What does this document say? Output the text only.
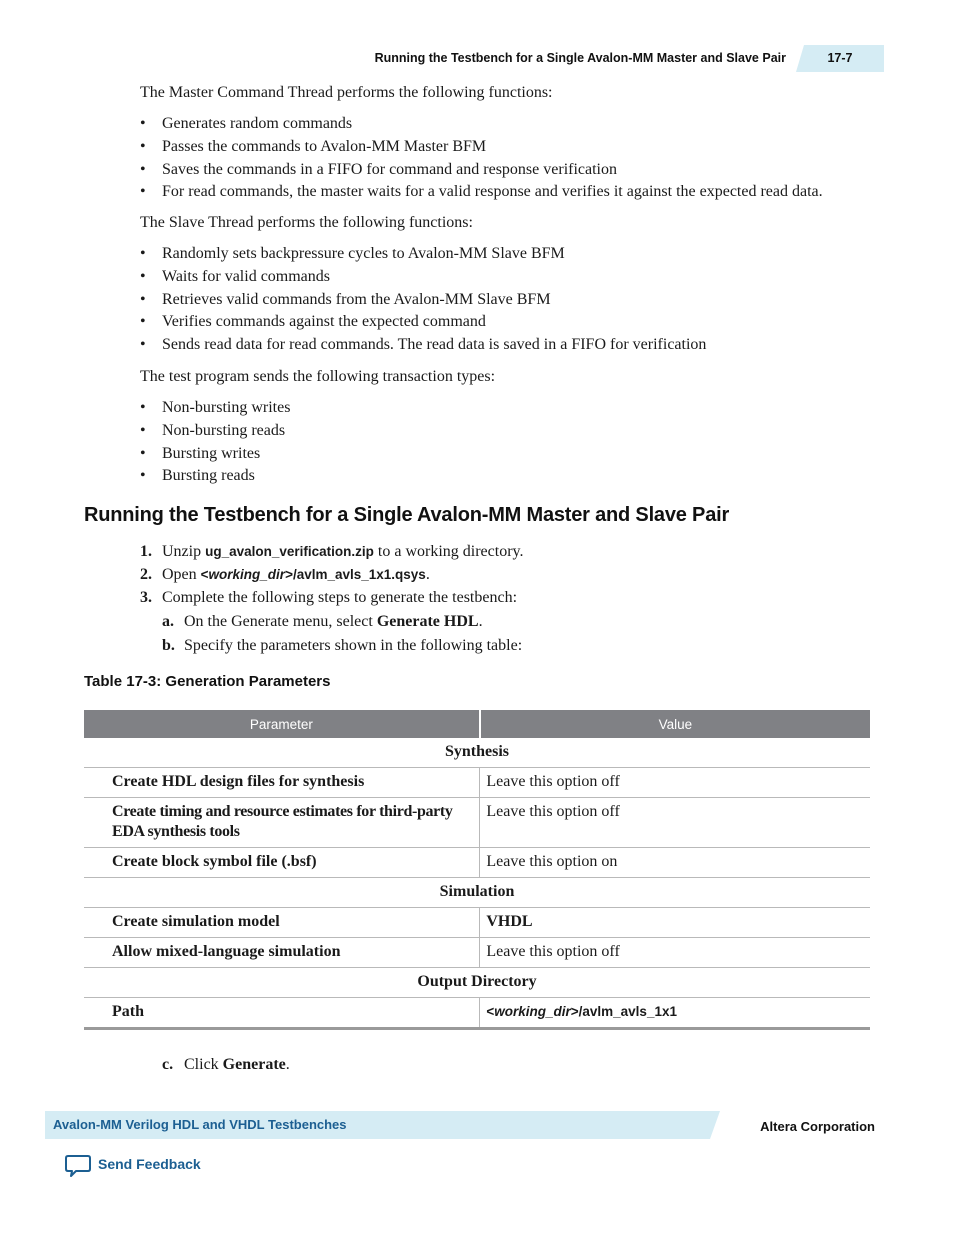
Running the Testbench for a Single Avalon-MM Master and Slave Pair	17-7
The Master Command Thread performs the following functions:
• Generates random commands
• Passes the commands to Avalon-MM Master BFM
• Saves the commands in a FIFO for command and response verification
• For read commands, the master waits for a valid response and verifies it against the expected read data.
The Slave Thread performs the following functions:
• Randomly sets backpressure cycles to Avalon-MM Slave BFM
• Waits for valid commands
• Retrieves valid commands from the Avalon-MM Slave BFM
• Verifies commands against the expected command
• Sends read data for read commands. The read data is saved in a FIFO for verification
The test program sends the following transaction types:
• Non-bursting writes
• Non-bursting reads
• Bursting writes
• Bursting reads
Running the Testbench for a Single Avalon-MM Master and Slave Pair
1. Unzip ug_avalon_verification.zip to a working directory.
2. Open <working_dir>/avlm_avls_1x1.qsys.
3. Complete the following steps to generate the testbench:
a. On the Generate menu, select Generate HDL.
b. Specify the parameters shown in the following table:
Table 17-3: Generation Parameters
Parameter	Value
Synthesis	
Create HDL design files for synthesis	Leave this option off
Create timing and resource estimates for third-party
EDA synthesis tools	Leave this option off
Create block symbol file (.bsf)	Leave this option on
Simulation	
Create simulation model	VHDL
Allow mixed-language simulation	Leave this option off
Output Directory	
Path	<working_dir>/avlm_avls_1x1
c. Click Generate.
Avalon-MM Verilog HDL and VHDL Testbenches	Altera Corporation
Send Feedback
